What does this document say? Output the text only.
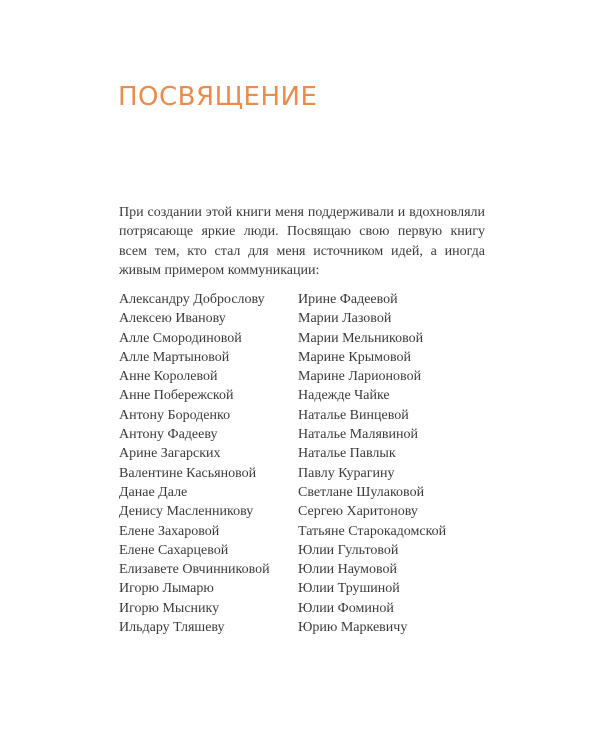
ПОСВЯЩЕНИЕ

При создании этой книги меня поддерживали и вдохновляли потрясающе яркие люди. Посвящаю свою первую книгу всем тем, кто стал для меня источником идей, а иногда живым примером коммуникации:

Александру Доброслову
Алексею Иванову
Алле Смородиновой
Алле Мартыновой
Анне Королевой
Анне Побережской
Антону Бороденко
Антону Фадееву
Арине Загарских
Валентине Касьяновой
Данае Дале
Денису Масленникову
Елене Захаровой
Елене Сахарцевой
Елизавете Овчинниковой
Игорю Лымарю
Игорю Мыснику
Ильдару Тляшеву
Ирине Фадеевой
Марии Лазовой
Марии Мельниковой
Марине Крымовой
Марине Ларионовой
Надежде Чайке
Наталье Винцевой
Наталье Малявиной
Наталье Павлык
Павлу Курагину
Светлане Шулаковой
Сергею Харитонову
Татьяне Старокадомской
Юлии Гультовой
Юлии Наумовой
Юлии Трушиной
Юлии Фоминой
Юрию Маркевичу
